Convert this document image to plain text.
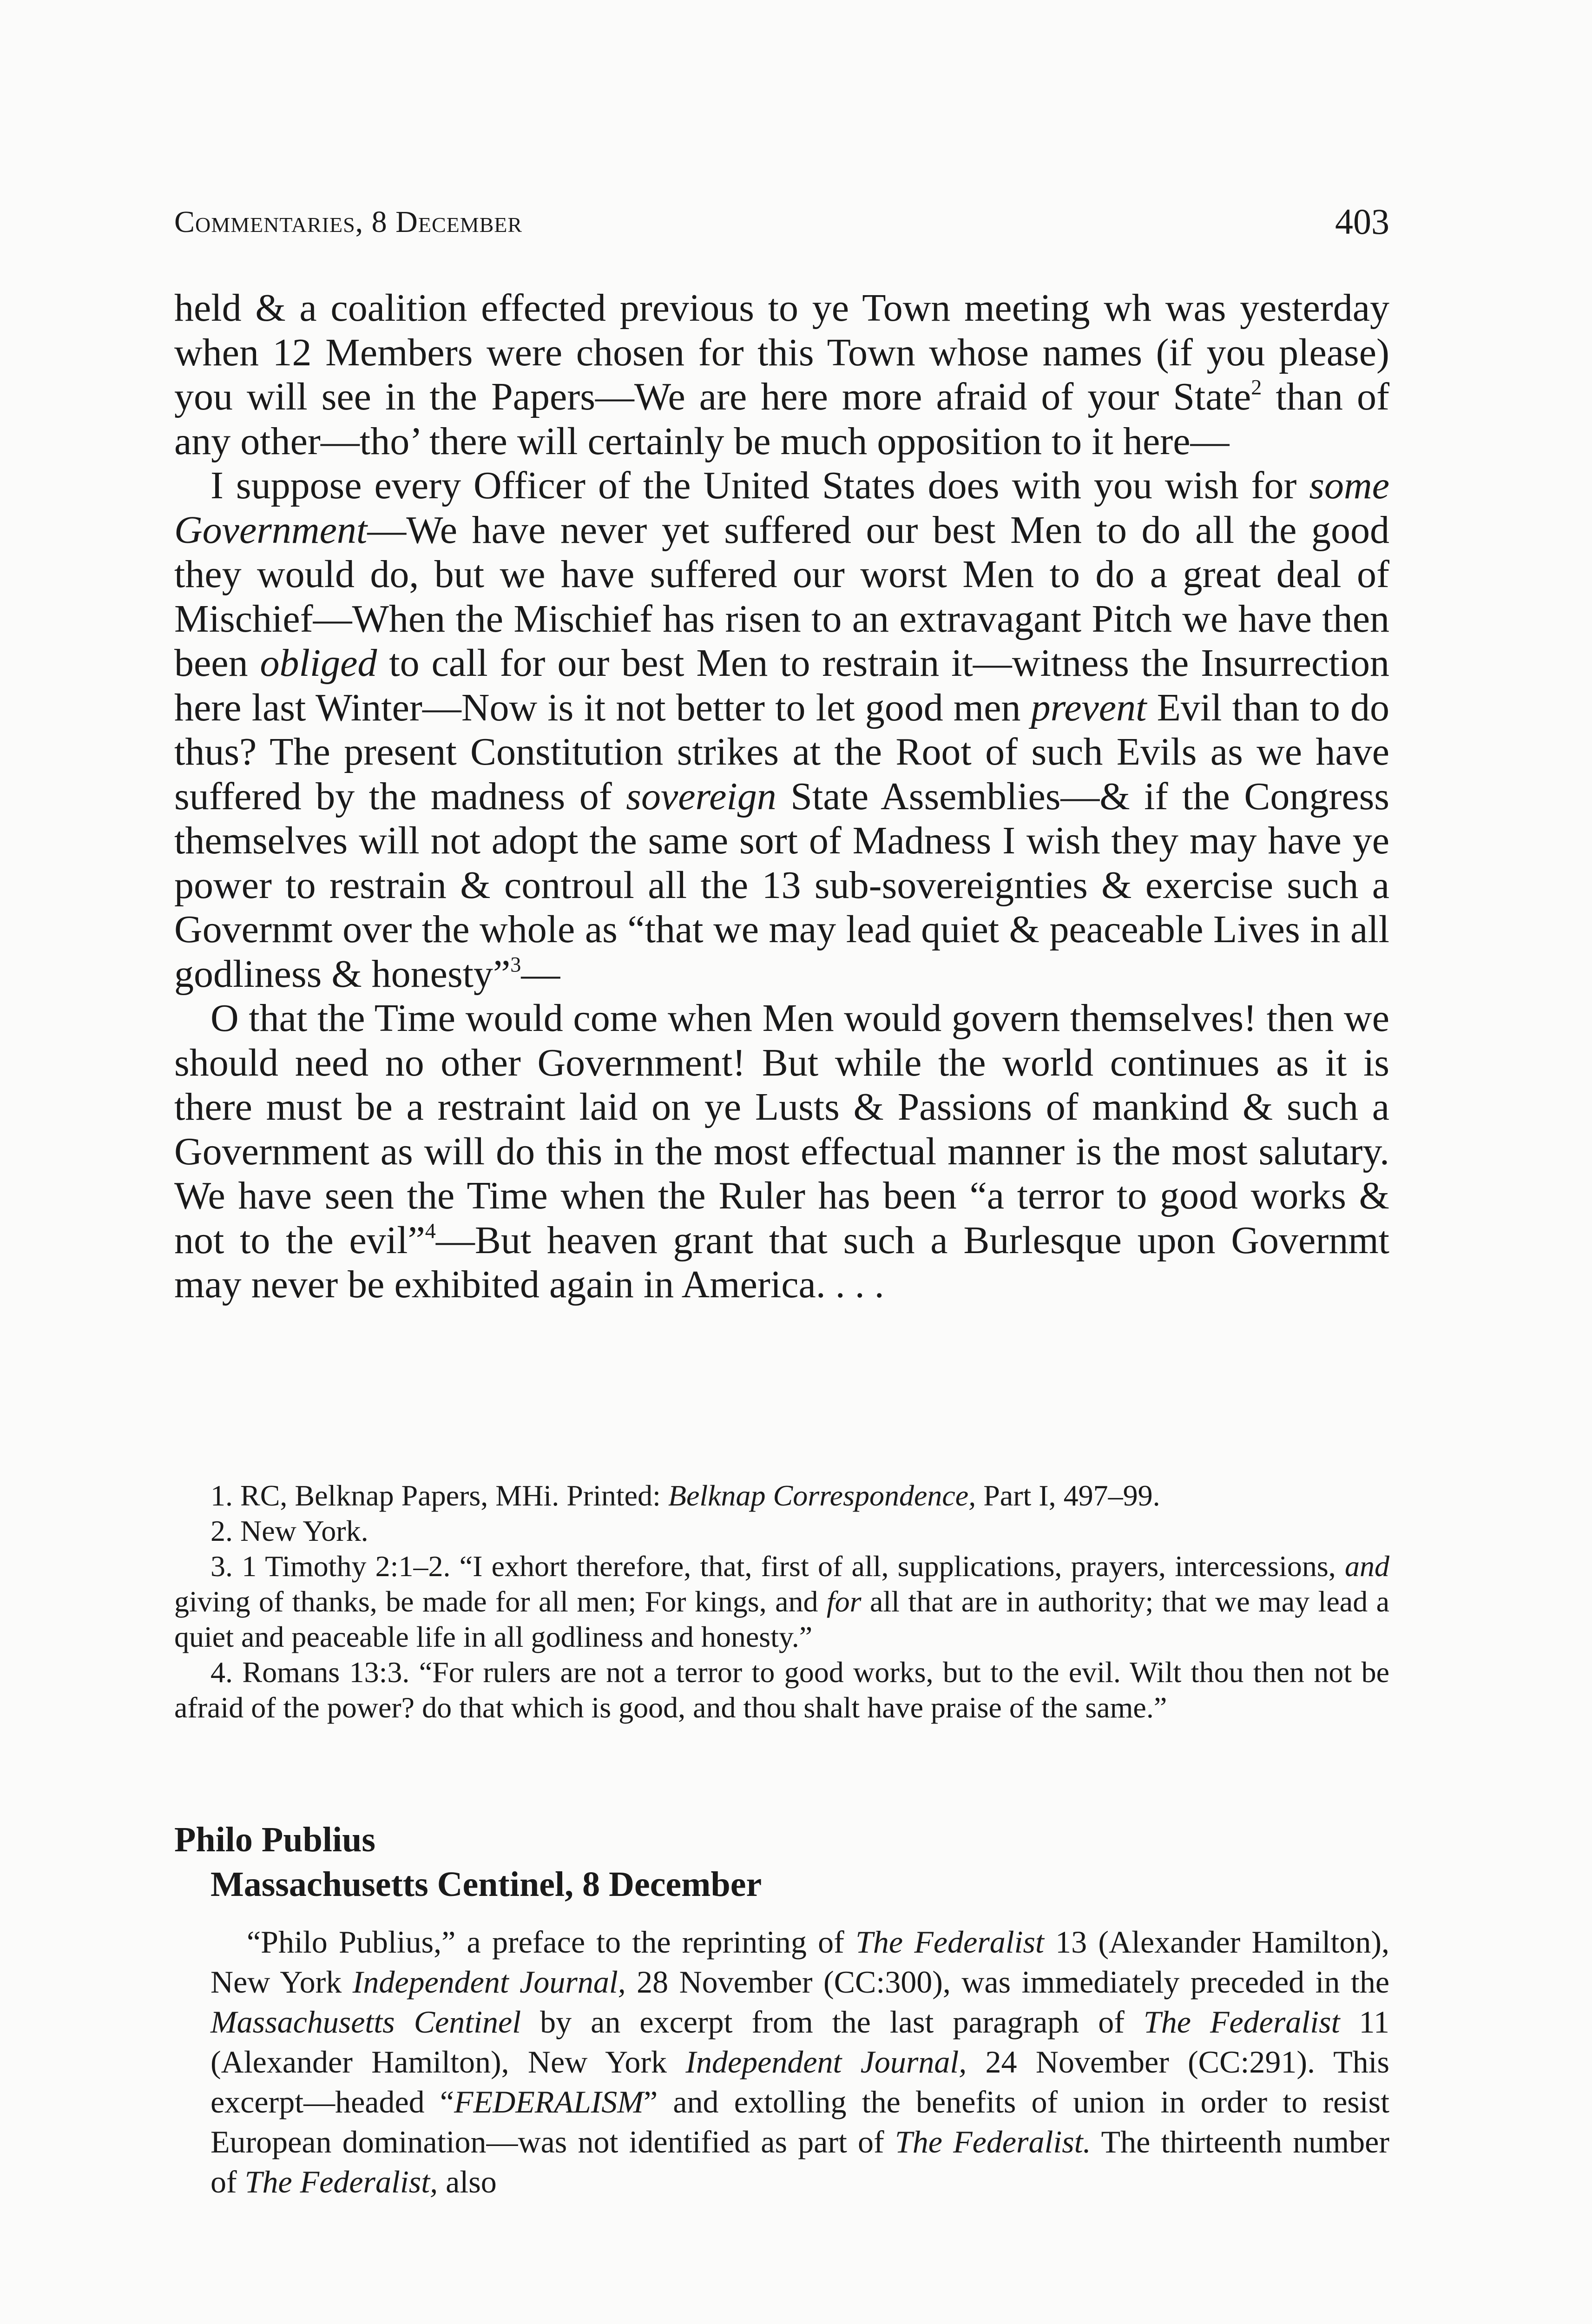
Commentaries, 8 December	403

held & a coalition effected previous to ye Town meeting wh was yesterday when 12 Members were chosen for this Town whose names (if you please) you will see in the Papers—We are here more afraid of your State$^2$ than of any other—tho’ there will certainly be much opposition to it here—

I suppose every Officer of the United States does with you wish for some Government—We have never yet suffered our best Men to do all the good they would do, but we have suffered our worst Men to do a great deal of Mischief—When the Mischief has risen to an extravagant Pitch we have then been obliged to call for our best Men to restrain it—witness the Insurrection here last Winter—Now is it not better to let good men prevent Evil than to do thus? The present Constitution strikes at the Root of such Evils as we have suffered by the madness of sovereign State Assemblies—& if the Congress themselves will not adopt the same sort of Madness I wish they may have ye power to restrain & controul all the 13 sub-sovereignties & exercise such a Governmt over the whole as “that we may lead quiet & peaceable Lives in all godliness & honesty”$^3$—

O that the Time would come when Men would govern themselves! then we should need no other Government! But while the world continues as it is there must be a restraint laid on ye Lusts & Passions of mankind & such a Government as will do this in the most effectual manner is the most salutary. We have seen the Time when the Ruler has been “a terror to good works & not to the evil”$^4$—But heaven grant that such a Burlesque upon Governmt may never be exhibited again in America. . . .

1. RC, Belknap Papers, MHi. Printed: Belknap Correspondence, Part I, 497–99.

2. New York.

3. 1 Timothy 2:1–2. “I exhort therefore, that, first of all, supplications, prayers, intercessions, and giving of thanks, be made for all men; For kings, and for all that are in authority; that we may lead a quiet and peaceable life in all godliness and honesty.”

4. Romans 13:3. “For rulers are not a terror to good works, but to the evil. Wilt thou then not be afraid of the power? do that which is good, and thou shalt have praise of the same.”

Philo Publius
Massachusetts Centinel, 8 December

“Philo Publius,” a preface to the reprinting of The Federalist 13 (Alexander Hamilton), New York Independent Journal, 28 November (CC:300), was immediately preceded in the Massachusetts Centinel by an excerpt from the last paragraph of The Federalist 11 (Alexander Hamilton), New York Independent Journal, 24 November (CC:291). This excerpt—headed “FEDERALISM” and extolling the benefits of union in order to resist European domination—was not identified as part of The Federalist. The thirteenth number of The Federalist, also
